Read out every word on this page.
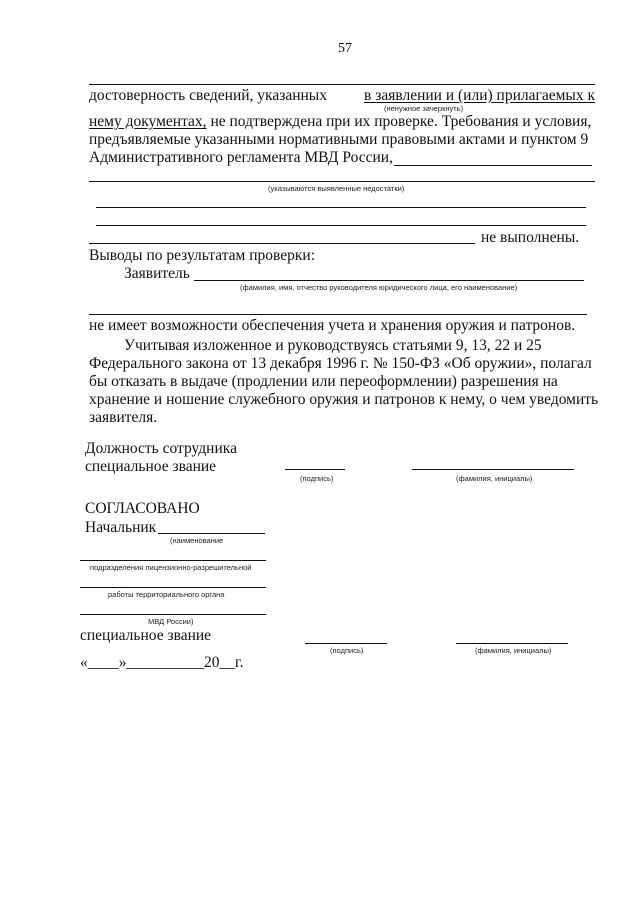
57
достоверность сведений, указанных в заявлении и (или) прилагаемых к
(ненужное зачеркнуть)
нему документах, не подтверждена при их проверке. Требования и условия,
предъявляемые указанными нормативными правовыми актами и пунктом 9
Административного регламента МВД России,
(указываются выявленные недостатки)
не выполнены.
Выводы по результатам проверки:
Заявитель
(фамилия, имя, отчество руководителя юридического лица, его наименование)
не имеет возможности обеспечения учета и хранения оружия и патронов.
Учитывая изложенное и руководствуясь статьями 9, 13, 22 и 25
Федерального закона от 13 декабря 1996 г. № 150-ФЗ «Об оружии», полагал
бы отказать в выдаче (продлении или переоформлении) разрешения на
хранение и ношение служебного оружия и патронов к нему, о чем уведомить
заявителя.
Должность сотрудника
специальное звание
(подпись)	(фамилия, инициалы)
СОГЛАСОВАНО
Начальник
(наименование
подразделения лицензионно-разрешительной
работы территориального органа
МВД России)
специальное звание
(подпись)	(фамилия, инициалы)
«____»__________20__г.
